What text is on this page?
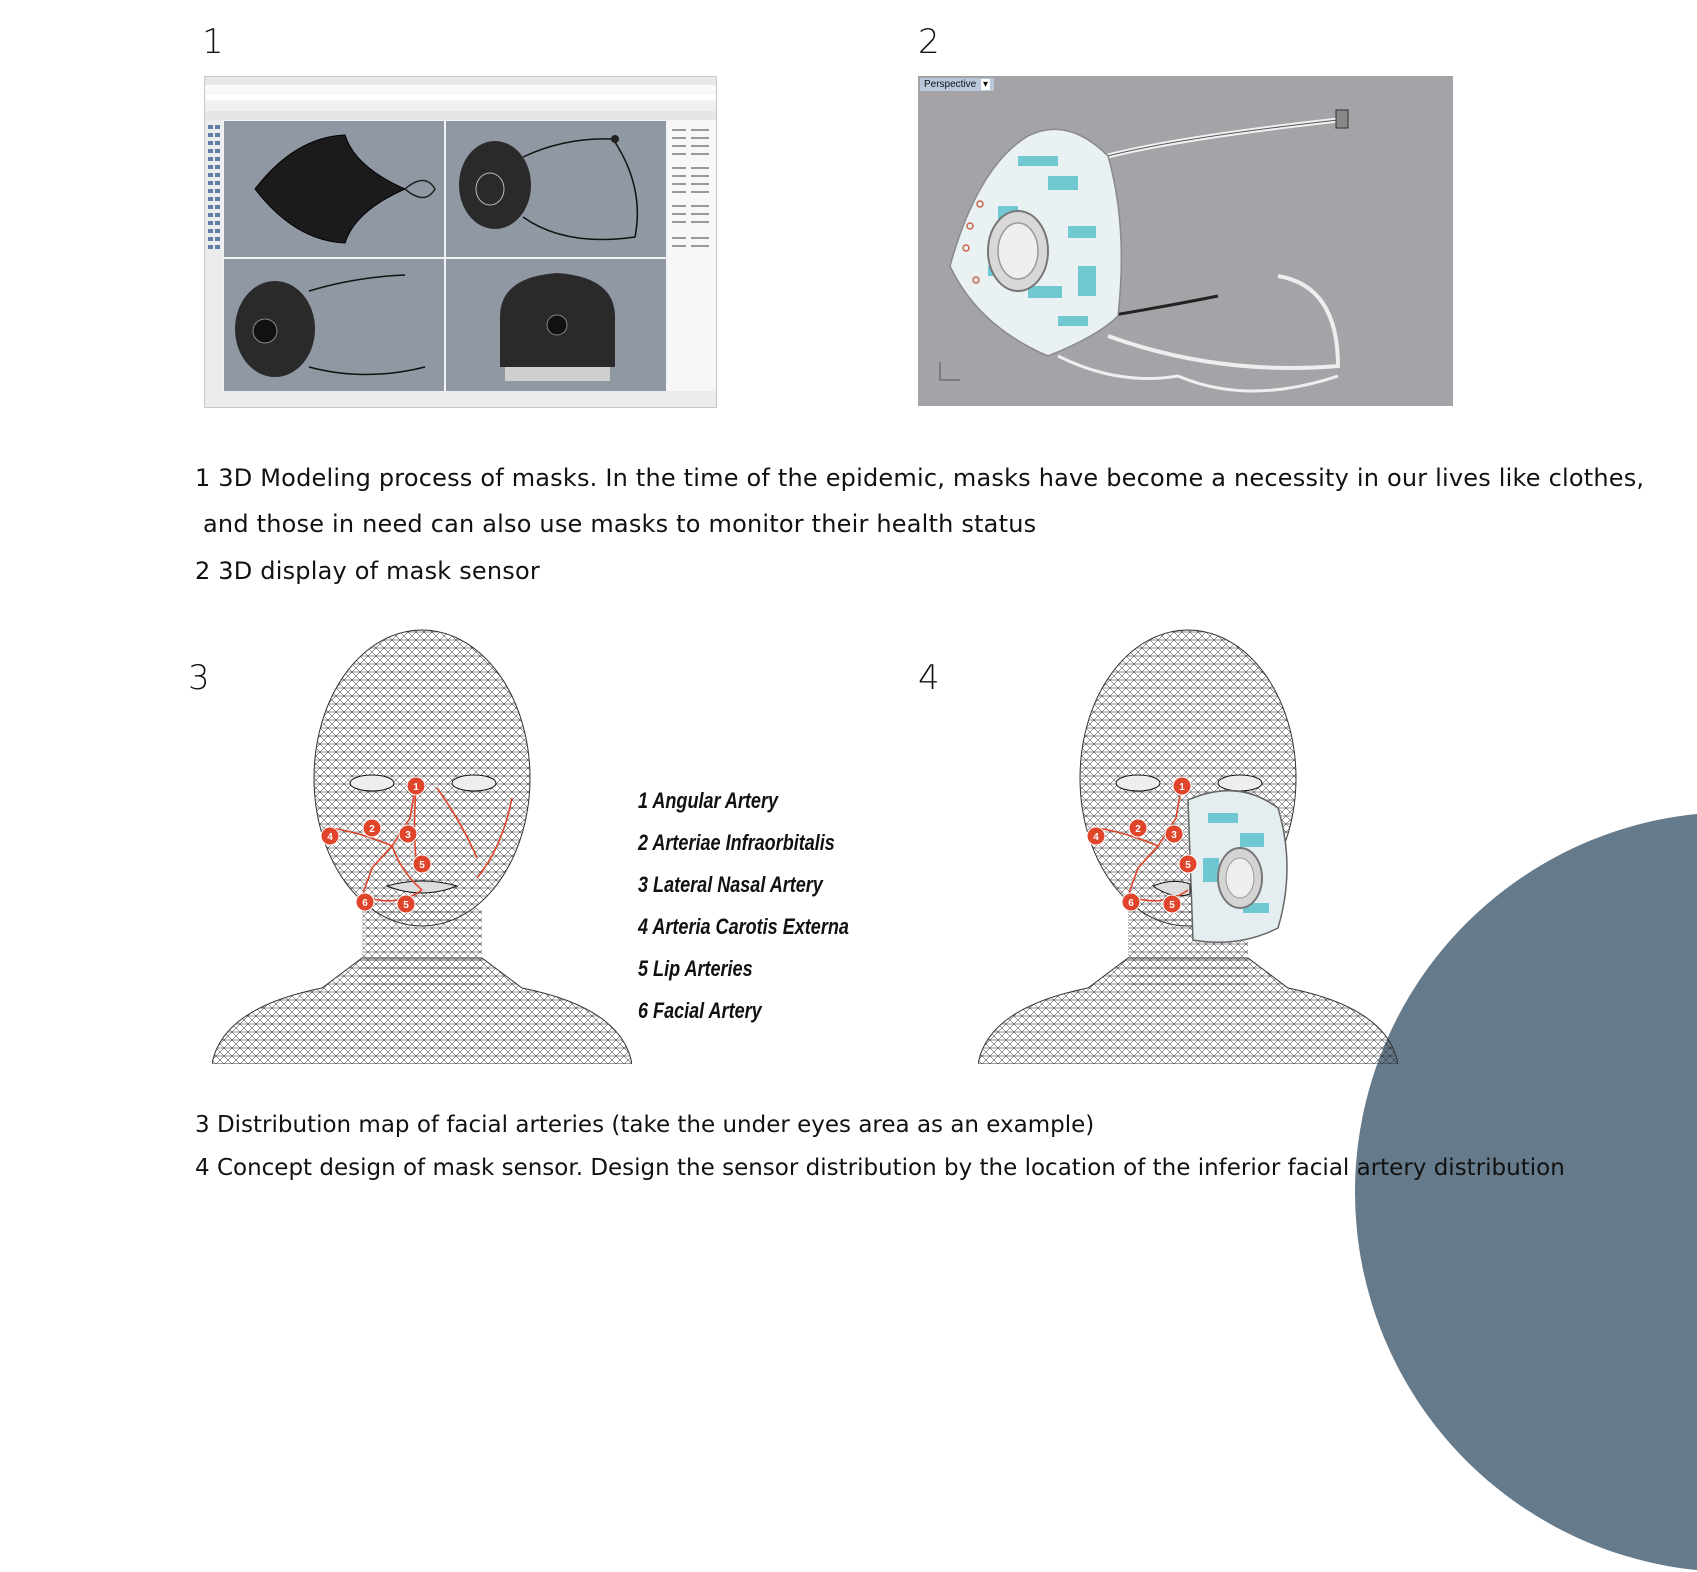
1	2
3	4
Perspective ▾
1 3D Modeling process of masks. In the time of the epidemic, masks have become a necessity in our lives like clothes,
and those in need can also use masks to monitor their health status
2 3D display of mask sensor
1
2
3
4
5
5
6
1 Angular Artery
2 Arteriae Infraorbitalis
3 Lateral Nasal Artery
4 Arteria Carotis Externa
5 Lip Arteries
6 Facial Artery
1
2
3
4
5
5
6
3 Distribution map of facial arteries (take the under eyes area as an example)
4 Concept design of mask sensor. Design the sensor distribution by the location of the inferior facial artery distribution
